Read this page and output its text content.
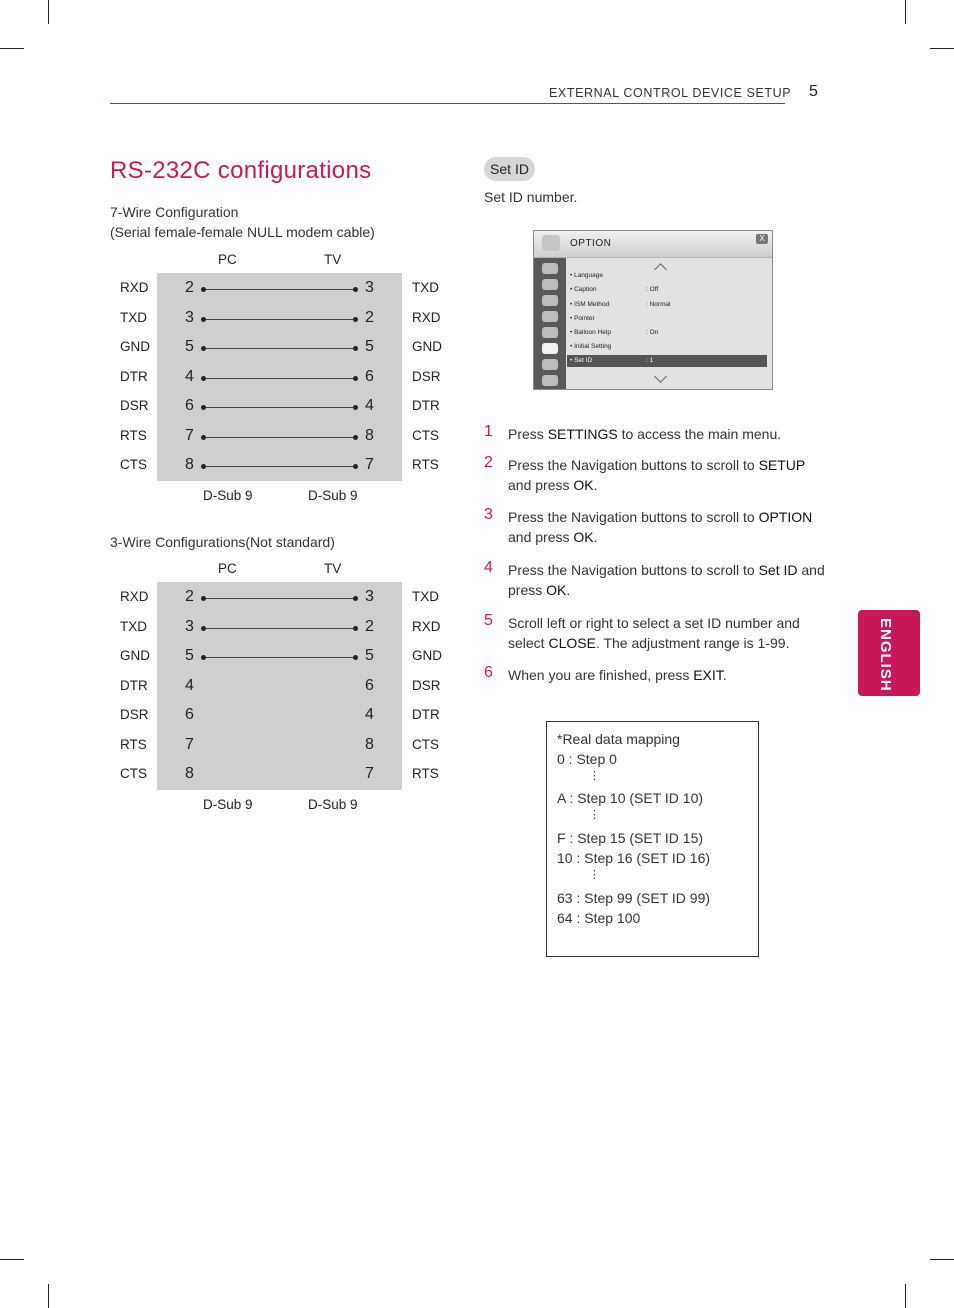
EXTERNAL CONTROL DEVICE SETUP 5
ENGLISH
RS-232C configurations
7-Wire Configuration
(Serial female-female NULL modem cable)
PC	TV
RXD 2	3	TXD
TXD 3	2	RXD
GND 5	5	GND
DTR 4	6	DSR
DSR 6	4	DTR
RTS 7	8	CTS
CTS 8	7	RTS
D-Sub 9	D-Sub 9
3-Wire Configurations(Not standard)
PC	TV
RXD 2	3	TXD
TXD 3	2	RXD
GND 5	5	GND
DTR 4	6	DSR
DSR 6	4	DTR
RTS 7	8	CTS
CTS 8	7	RTS
D-Sub 9	D-Sub 9
Set ID
Set ID number.
OPTION	X
• Language
• Caption	: Off
• ISM Method	: Normal
• Pointer
• Balloon Help	: On
• Initial Setting
• Set ID	: 1
1 Press SETTINGS to access the main menu.
2 Press the Navigation buttons to scroll to SETUP and press OK.
3 Press the Navigation buttons to scroll to OPTION and press OK.
4 Press the Navigation buttons to scroll to Set ID and press OK.
5 Scroll left or right to select a set ID number and select CLOSE. The adjustment range is 1-99.
6 When you are finished, press EXIT.
*Real data mapping
0 : Step 0
A : Step 10 (SET ID 10)
F : Step 15 (SET ID 15)
10 : Step 16 (SET ID 16)
63 : Step 99 (SET ID 99)
64 : Step 100
⋮
⋮
⋮
